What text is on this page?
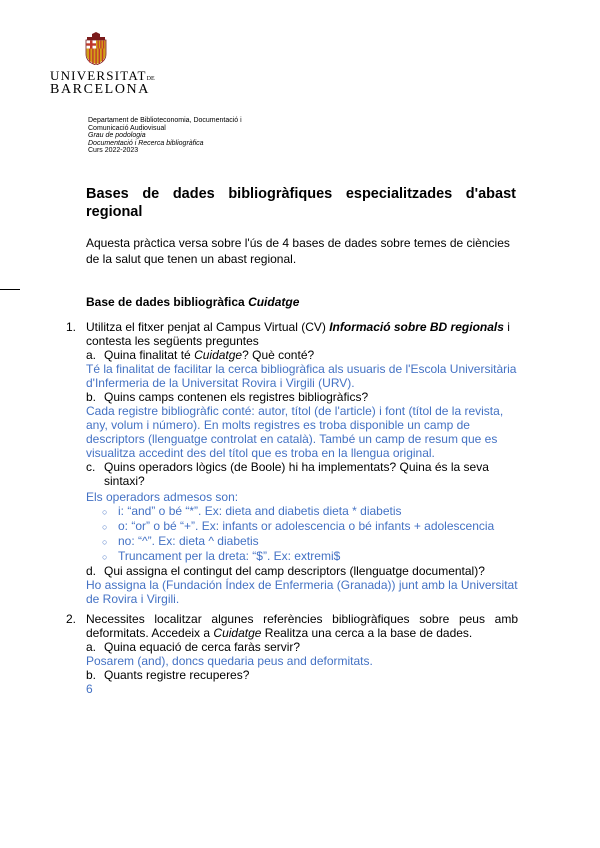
UNIVERSITATDE
BARCELONA
Departament de Biblioteconomia, Documentació i
Comunicació Audiovisual
Grau de podologia
Documentació i Recerca bibliogràfica
Curs 2022-2023
Bases de dades bibliogràfiques especialitzades d'abast
regional
Aquesta pràctica versa sobre l'ús de 4 bases de dades sobre temes de ciències de la salut que tenen un abast regional.
Base de dades bibliogràfica Cuidatge
1. Utilitza el fitxer penjat al Campus Virtual (CV) Informació sobre BD regionals i contesta les següents preguntes
a. Quina finalitat té Cuidatge? Què conté?
Té la finalitat de facilitar la cerca bibliogràfica als usuaris de l'Escola Universitària d'Infermeria de la Universitat Rovira i Virgili (URV).
b. Quins camps contenen els registres bibliogràfics?
Cada registre bibliogràfic conté: autor, títol (de l'article) i font (títol de la revista, any, volum i número). En molts registres es troba disponible un camp de descriptors (llenguatge controlat en català). També un camp de resum que es visualitza accedint des del títol que es troba en la llengua original.
c. Quins operadors lògics (de Boole) hi ha implementats? Quina és la seva sintaxi?
Els operadors admesos son:
○ i: “and” o bé “*”. Ex: dieta and diabetis dieta * diabetis
○ o: “or” o bé “+”. Ex: infants or adolescencia o bé infants + adolescencia
○ no: “^”. Ex: dieta ^ diabetis
○ Truncament per la dreta: “$”. Ex: extremi$
d. Qui assigna el contingut del camp descriptors (llenguatge documental)?
Ho assigna la (Fundación Índex de Enfermeria (Granada)) junt amb la Universitat de Rovira i Virgili.
2. Necessites localitzar algunes referències bibliogràfiques sobre peus amb deformitats. Accedeix a Cuidatge Realitza una cerca a la base de dades.
a. Quina equació de cerca faràs servir?
Posarem (and), doncs quedaria peus and deformitats.
b. Quants registre recuperes?
6
